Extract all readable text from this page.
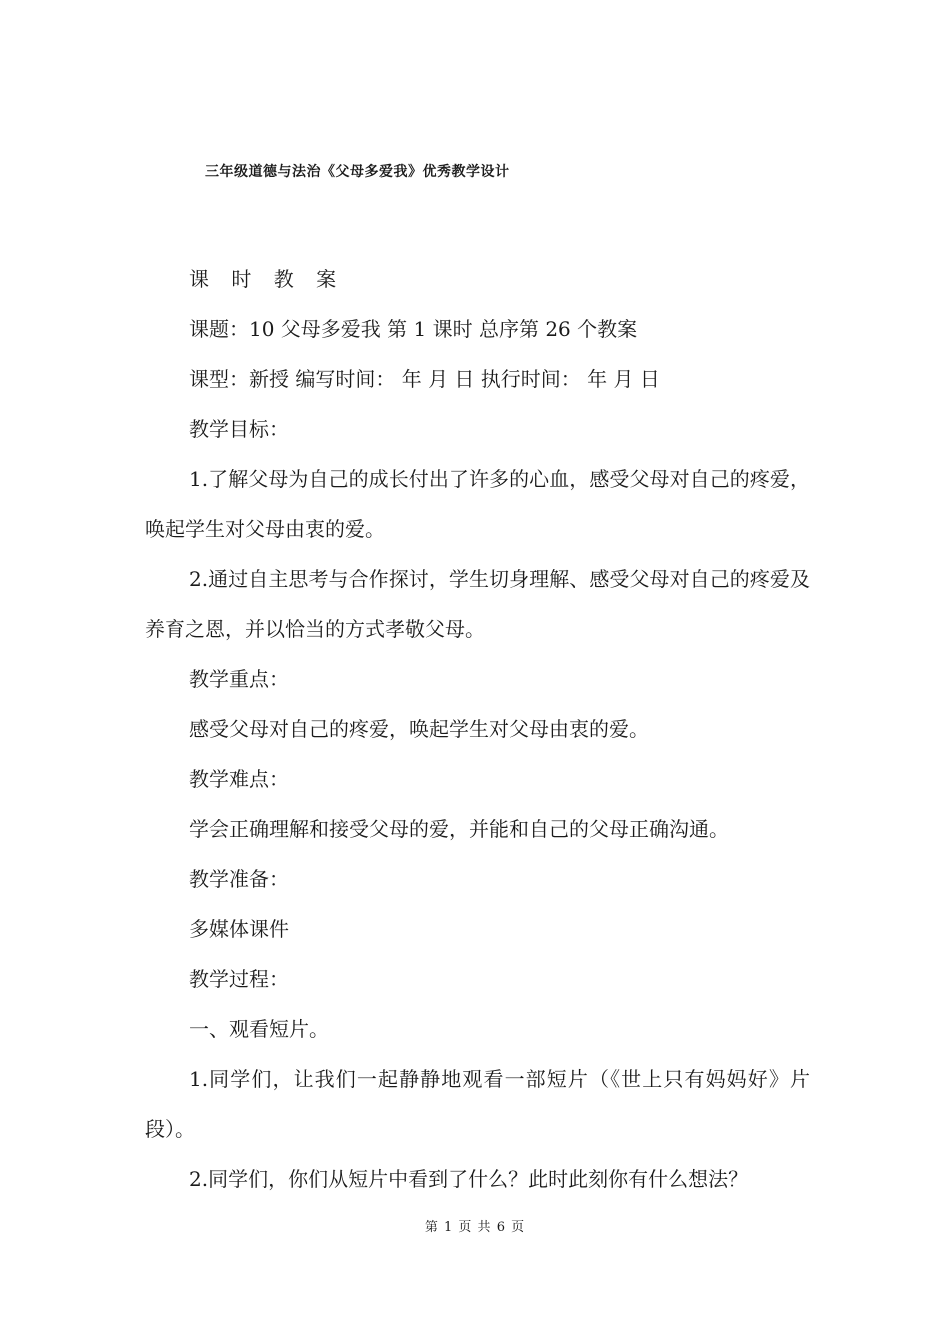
三年级道德与法治《父母多爱我》优秀教学设计

课 时 教 案

课题：10 父母多爱我 第 1 课时 总序第 26 个教案

课型：新授 编写时间： 年 月 日 执行时间： 年 月 日

教学目标：

1.了解父母为自己的成长付出了许多的心血，感受父母对自己的疼爱，唤起学生对父母由衷的爱。

2.通过自主思考与合作探讨，学生切身理解、感受父母对自己的疼爱及养育之恩，并以恰当的方式孝敬父母。

教学重点：

感受父母对自己的疼爱，唤起学生对父母由衷的爱。

教学难点：

学会正确理解和接受父母的爱，并能和自己的父母正确沟通。

教学准备：

多媒体课件

教学过程：

一、观看短片。

1.同学们，让我们一起静静地观看一部短片（《世上只有妈妈好》片段）。

2.同学们，你们从短片中看到了什么？此时此刻你有什么想法？

第 1 页 共 6 页
